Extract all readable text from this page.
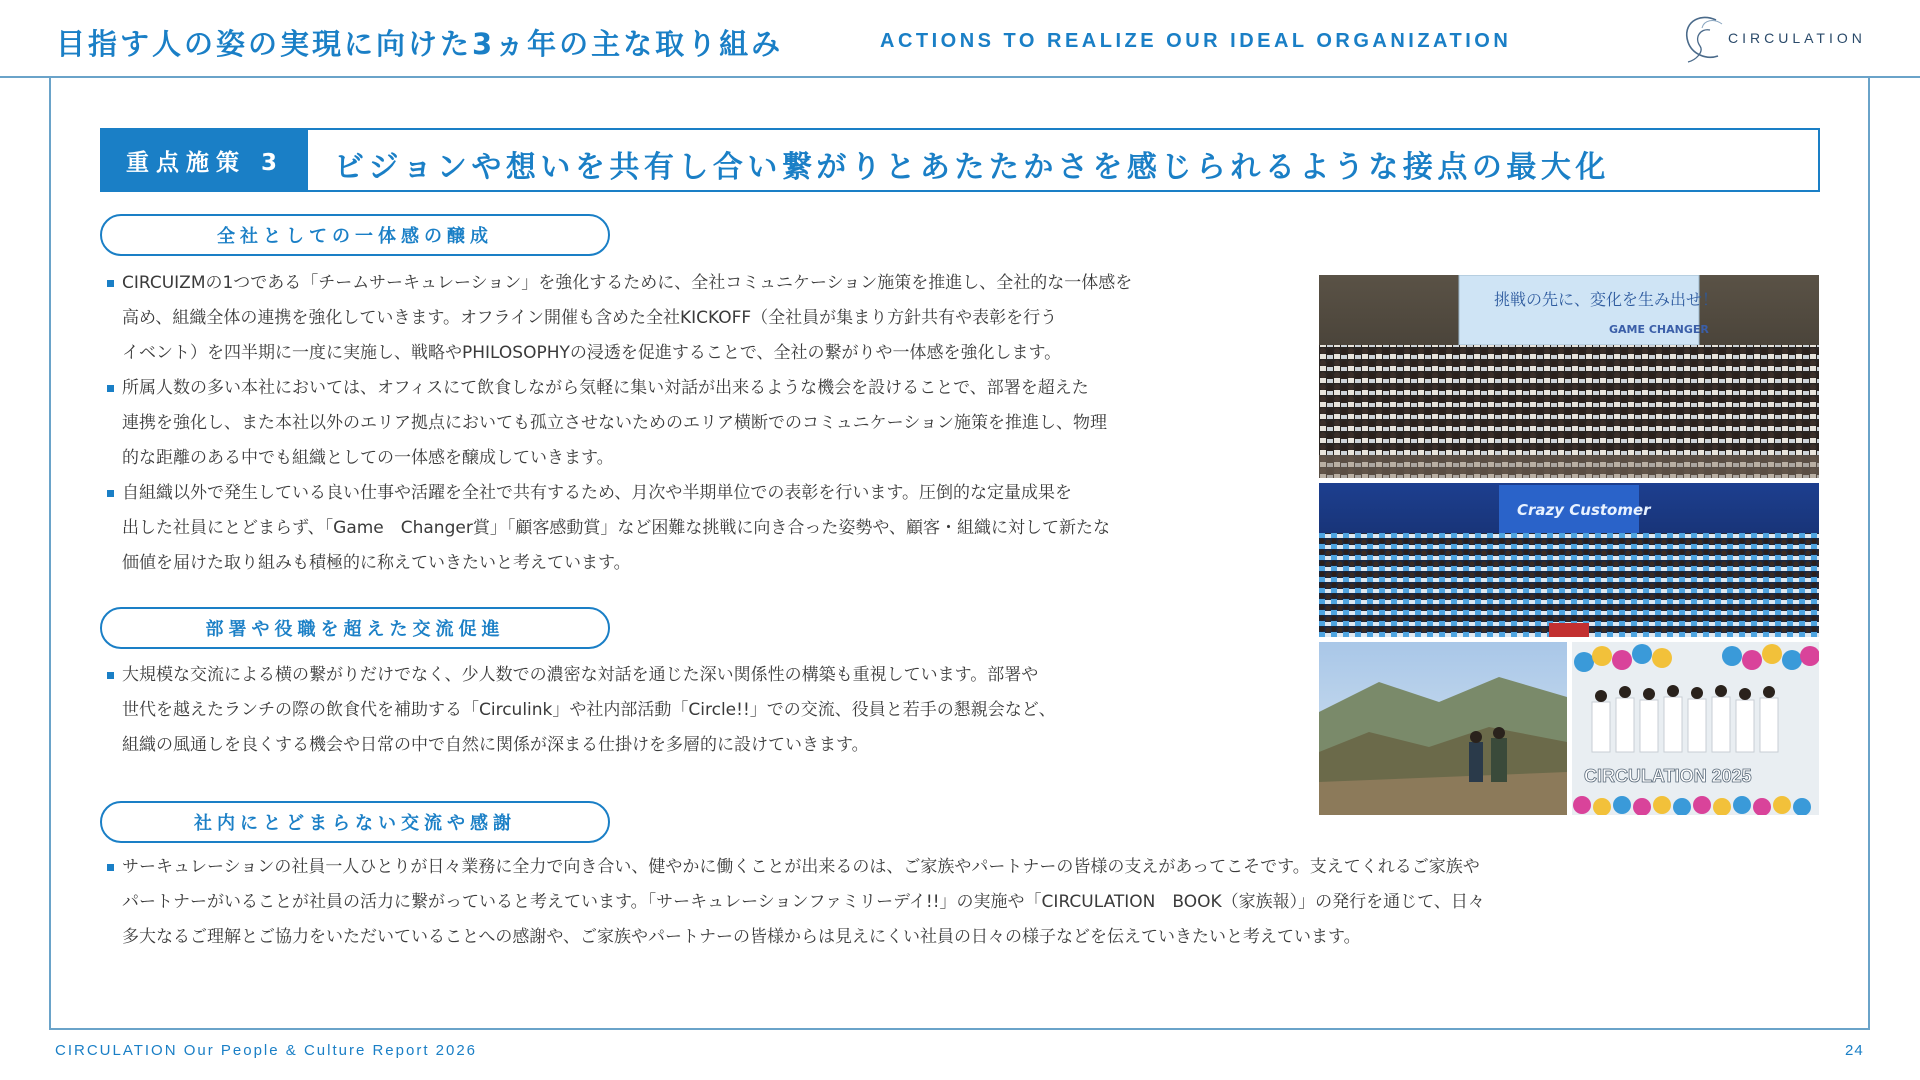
目指す人の姿の実現に向けた3ヵ年の主な取り組み	ACTIONS TO REALIZE OUR IDEAL ORGANIZATION	CIRCULATION
重点施策 3	ビジョンや想いを共有し合い繋がりとあたたかさを感じられるような接点の最大化
全社としての一体感の醸成
CIRCUIZMの1つである「チームサーキュレーション」を強化するために、全社コミュニケーション施策を推進し、全社的な一体感を
高め、組織全体の連携を強化していきます。オフライン開催も含めた全社KICKOFF（全社員が集まり方針共有や表彰を行う
イベント）を四半期に一度に実施し、戦略やPHILOSOPHYの浸透を促進することで、全社の繋がりや一体感を強化します。
所属人数の多い本社においては、オフィスにて飲食しながら気軽に集い対話が出来るような機会を設けることで、部署を超えた
連携を強化し、また本社以外のエリア拠点においても孤立させないためのエリア横断でのコミュニケーション施策を推進し、物理
的な距離のある中でも組織としての一体感を醸成していきます。
自組織以外で発生している良い仕事や活躍を全社で共有するため、月次や半期単位での表彰を行います。圧倒的な定量成果を
出した社員にとどまらず、「Game　Changer賞」「顧客感動賞」など困難な挑戦に向き合った姿勢や、顧客・組織に対して新たな
価値を届けた取り組みも積極的に称えていきたいと考えています。
部署や役職を超えた交流促進
大規模な交流による横の繋がりだけでなく、少人数での濃密な対話を通じた深い関係性の構築も重視しています。部署や
世代を越えたランチの際の飲食代を補助する「Circulink」や社内部活動「Circle!!」での交流、役員と若手の懇親会など、
組織の風通しを良くする機会や日常の中で自然に関係が深まる仕掛けを多層的に設けていきます。
社内にとどまらない交流や感謝
サーキュレーションの社員一人ひとりが日々業務に全力で向き合い、健やかに働くことが出来るのは、ご家族やパートナーの皆様の支えがあってこそです。支えてくれるご家族や
パートナーがいることが社員の活力に繋がっていると考えています。「サーキュレーションファミリーデイ!!」の実施や「CIRCULATION　BOOK（家族報）」の発行を通じて、日々
多大なるご理解とご協力をいただいていることへの感謝や、ご家族やパートナーの皆様からは見えにくい社員の日々の様子などを伝えていきたいと考えています。
挑戦の先に、変化を生み出せ！
GAME CHANGER
Crazy Customer
CIRCULATION 2025
CIRCULATION Our People & Culture Report 2026	24
